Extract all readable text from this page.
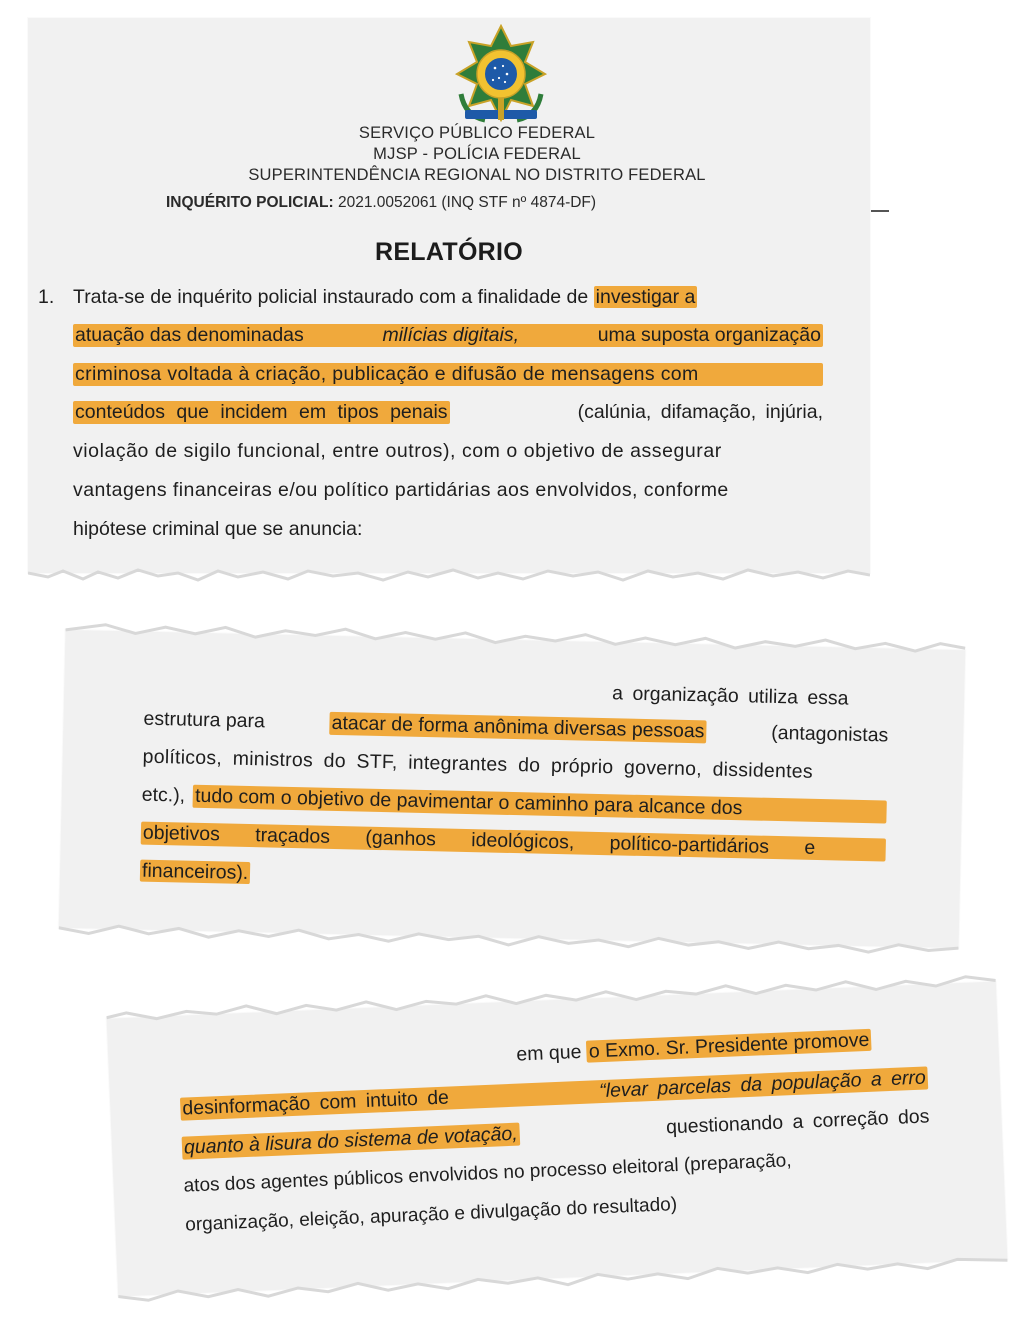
SERVIÇO PÚBLICO FEDERAL
MJSP - POLÍCIA FEDERAL
SUPERINTENDÊNCIA REGIONAL NO DISTRITO FEDERAL
INQUÉRITO POLICIAL: 2021.0052061 (INQ STF nº 4874-DF)
RELATÓRIO
1. Trata-se de inquérito policial instaurado com a finalidade de investigar a
atuação das denominadas	milícias digitais,	uma suposta organização
criminosa voltada à criação, publicação e difusão de mensagens com
conteúdos que incidem em tipos penais	(calúnia, difamação, injúria,
violação de sigilo funcional, entre outros), com o objetivo de assegurar
vantagens financeiras e/ou político partidárias aos envolvidos, conforme
hipótese criminal que se anuncia:
a organização utiliza essa
estrutura para	atacar de forma anônima diversas pessoas	(antagonistas
políticos, ministros do STF, integrantes do próprio governo, dissidentes
etc.), tudo com o objetivo de pavimentar o caminho para alcance dos
objetivos traçados (ganhos ideológicos, político-partidários e
financeiros).
em que o Exmo. Sr. Presidente promove
desinformação com intuito de
“levar parcelas da população a erro
quanto à lisura do sistema de votação,
questionando a correção dos
atos dos agentes públicos envolvidos no processo eleitoral (preparação,
organização, eleição, apuração e divulgação do resultado)
